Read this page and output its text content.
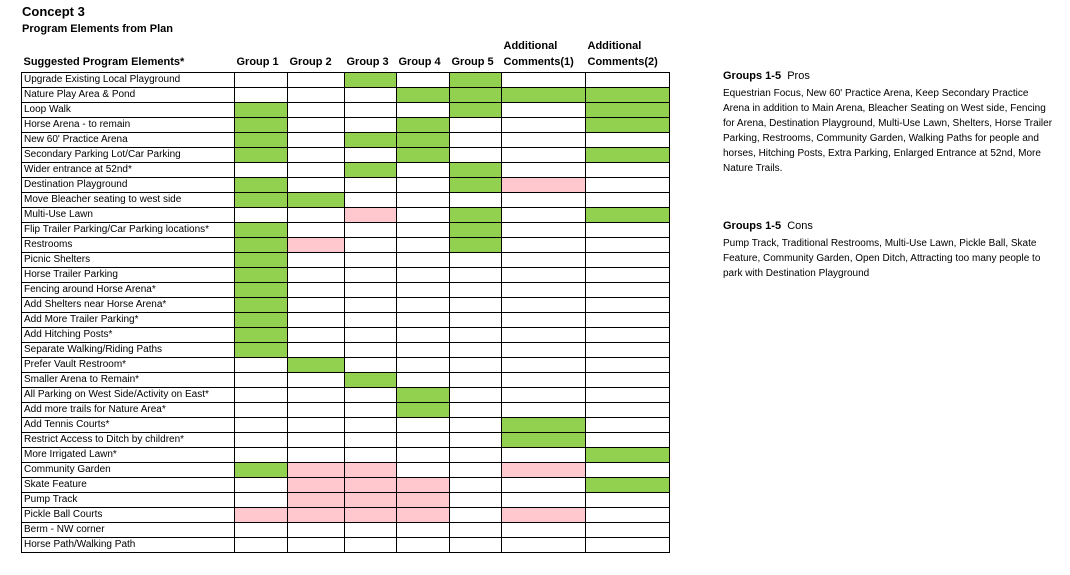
Concept 3
Program Elements from Plan
Suggested Program Elements*	Group 1	Group 2	Group 3	Group 4	Group 5	Additional Comments(1)	Additional Comments(2)
Upgrade Existing Local Playground							
Nature Play Area & Pond							
Loop Walk							
Horse Arena - to remain							
New 60' Practice Arena							
Secondary Parking Lot/Car Parking							
Wider entrance at 52nd*							
Destination Playground							
Move Bleacher seating to west side							
Multi-Use Lawn							
Flip Trailer Parking/Car Parking locations*							
Restrooms							
Picnic Shelters							
Horse Trailer Parking							
Fencing around Horse Arena*							
Add Shelters near Horse Arena*							
Add More Trailer Parking*							
Add Hitching Posts*							
Separate Walking/Riding Paths							
Prefer Vault Restroom*							
Smaller Arena to Remain*							
All Parking on West Side/Activity on East*							
Add more trails for Nature Area*							
Add Tennis Courts*							
Restrict Access to Ditch by children*							
More Irrigated Lawn*							
Community Garden							
Skate Feature							
Pump Track							
Pickle Ball Courts							
Berm - NW corner							
Horse Path/Walking Path							
Groups 1-5 Pros
Equestrian Focus, New 60' Practice Arena, Keep Secondary Practice Arena in addition to Main Arena, Bleacher Seating on West side, Fencing for Arena, Destination Playground, Multi-Use Lawn, Shelters, Horse Trailer Parking, Restrooms, Community Garden, Walking Paths for people and horses, Hitching Posts, Extra Parking, Enlarged Entrance at 52nd, More Nature Trails.
Groups 1-5 Cons
Pump Track, Traditional Restrooms, Multi-Use Lawn, Pickle Ball, Skate Feature, Community Garden, Open Ditch, Attracting too many people to park with Destination Playground
